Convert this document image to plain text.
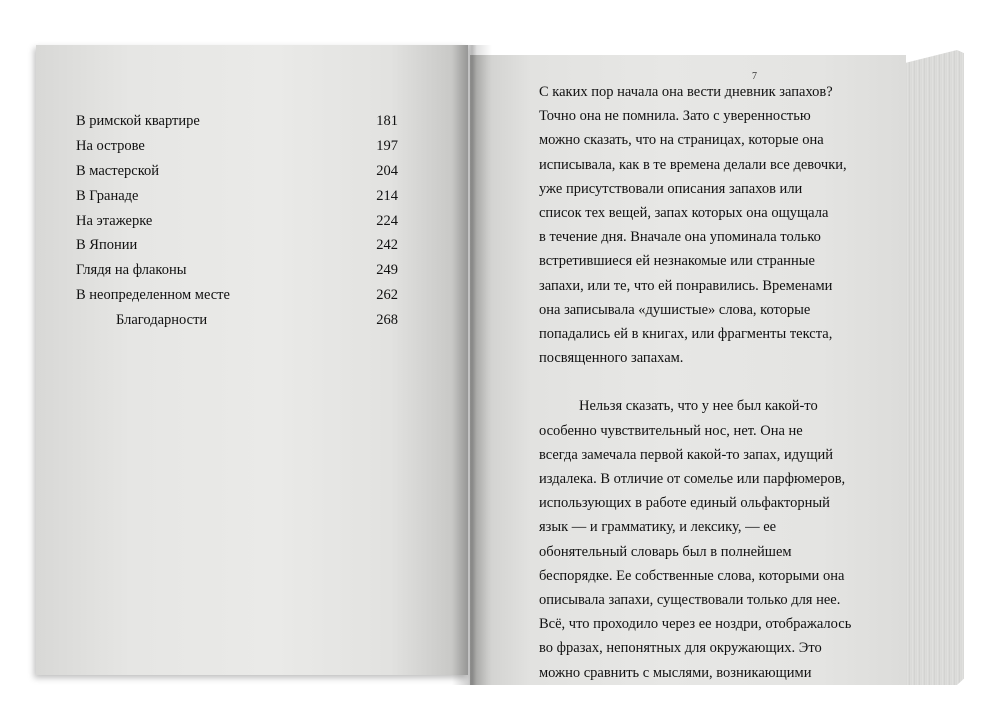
В римской квартире	181
На острове	197
В мастерской	204
В Гранаде	214
На этажерке	224
В Японии	242
Глядя на флаконы	249
В неопределенном месте	262
Благодарности	268
7
С каких пор начала она вести дневник запахов?
Точно она не помнила. Зато с уверенностью
можно сказать, что на страницах, которые она
исписывала, как в те времена делали все девочки,
уже присутствовали описания запахов или
список тех вещей, запах которых она ощущала
в течение дня. Вначале она упоминала только
встретившиеся ей незнакомые или странные
запахи, или те, что ей понравились. Временами
она записывала «душистые» слова, которые
попадались ей в книгах, или фрагменты текста,
посвященного запахам.
Нельзя сказать, что у нее был какой-то
особенно чувствительный нос, нет. Она не
всегда замечала первой какой-то запах, идущий
издалека. В отличие от сомелье или парфюмеров,
использующих в работе единый ольфакторный
язык — и грамматику, и лексику, — ее
обонятельный словарь был в полнейшем
беспорядке. Ее собственные слова, которыми она
описывала запахи, существовали только для нее.
Всё, что проходило через ее ноздри, отображалось
во фразах, непонятных для окружающих. Это
можно сравнить с мыслями, возникающими
